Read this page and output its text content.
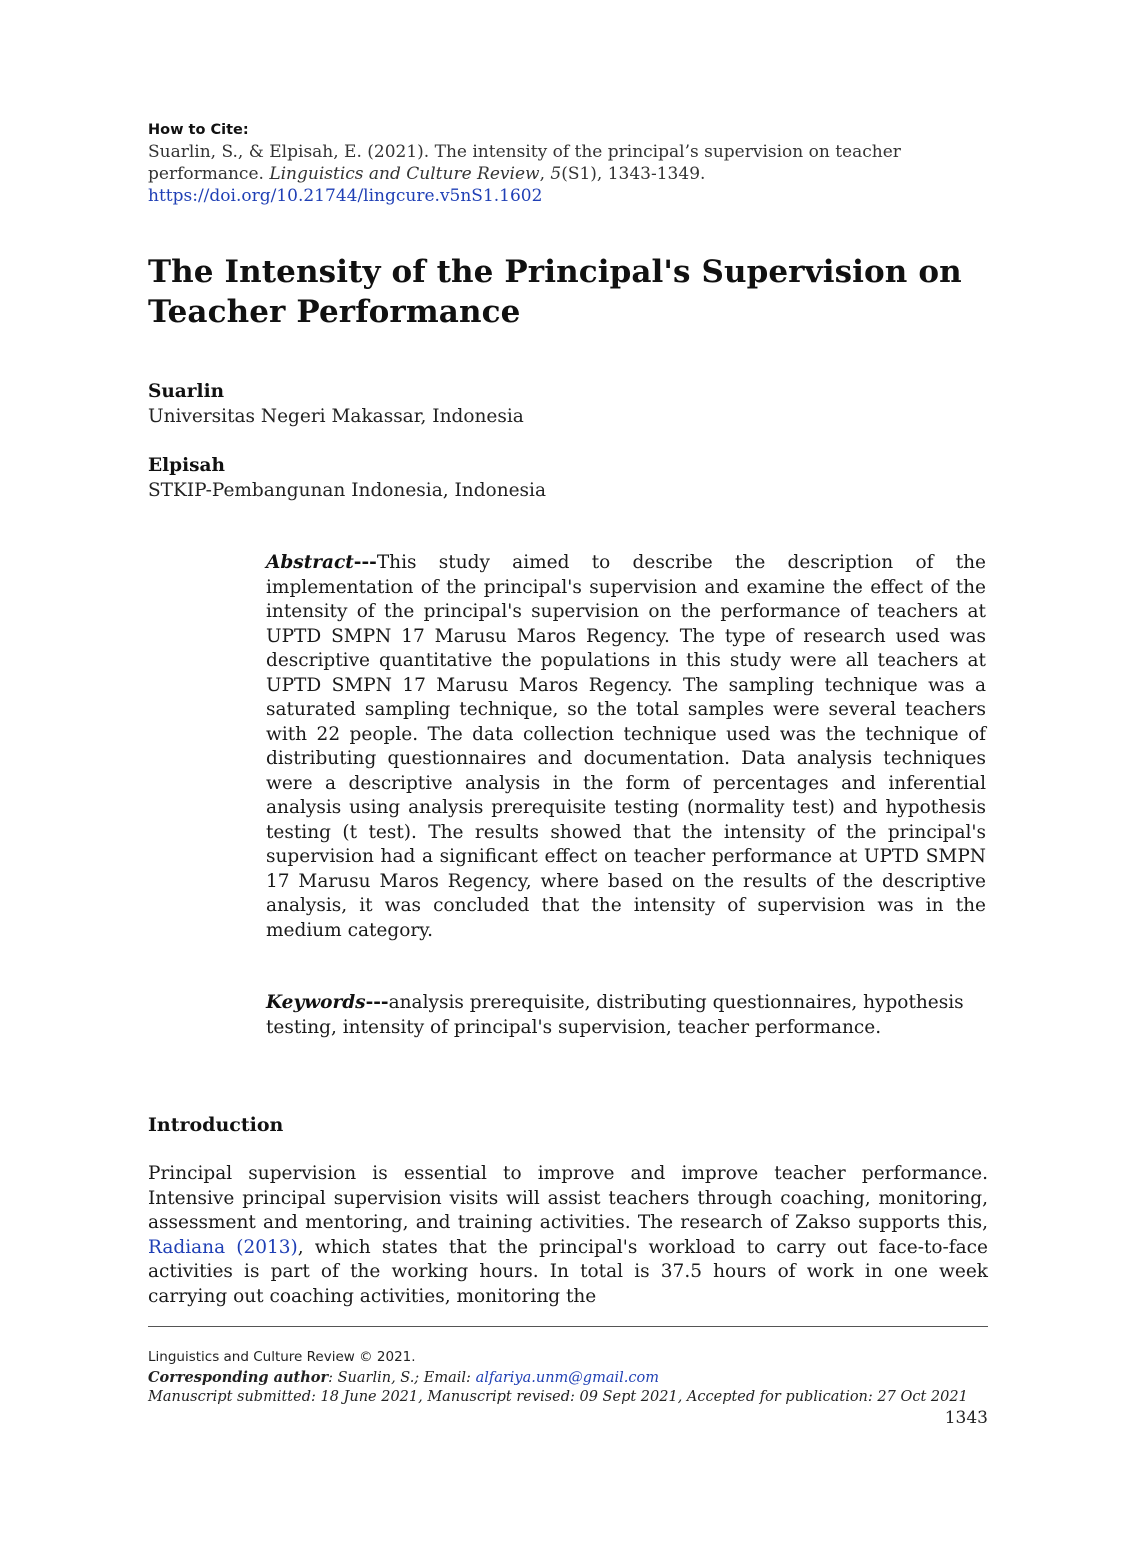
How to Cite:
Suarlin, S., & Elpisah, E. (2021). The intensity of the principal’s supervision on teacher performance. Linguistics and Culture Review, 5(S1), 1343-1349.
https://doi.org/10.21744/lingcure.v5nS1.1602
The Intensity of the Principal's Supervision on Teacher Performance
Suarlin
Universitas Negeri Makassar, Indonesia
Elpisah
STKIP-Pembangunan Indonesia, Indonesia

Abstract---This study aimed to describe the description of the implementation of the principal's supervision and examine the effect of the intensity of the principal's supervision on the performance of teachers at UPTD SMPN 17 Marusu Maros Regency. The type of research used was descriptive quantitative the populations in this study were all teachers at UPTD SMPN 17 Marusu Maros Regency. The sampling technique was a saturated sampling technique, so the total samples were several teachers with 22 people. The data collection technique used was the technique of distributing questionnaires and documentation. Data analysis techniques were a descriptive analysis in the form of percentages and inferential analysis using analysis prerequisite testing (normality test) and hypothesis testing (t test). The results showed that the intensity of the principal's supervision had a significant effect on teacher performance at UPTD SMPN 17 Marusu Maros Regency, where based on the results of the descriptive analysis, it was concluded that the intensity of supervision was in the medium category.

Keywords---analysis prerequisite, distributing questionnaires, hypothesis testing, intensity of principal's supervision, teacher performance.

Introduction

Principal supervision is essential to improve and improve teacher performance. Intensive principal supervision visits will assist teachers through coaching, monitoring, assessment and mentoring, and training activities. The research of Zakso supports this, Radiana (2013), which states that the principal's workload to carry out face-to-face activities is part of the working hours. In total is 37.5 hours of work in one week carrying out coaching activities, monitoring the

Linguistics and Culture Review © 2021.
Corresponding author: Suarlin, S.; Email: alfariya.unm@gmail.com
Manuscript submitted: 18 June 2021, Manuscript revised: 09 Sept 2021, Accepted for publication: 27 Oct 2021
1343
